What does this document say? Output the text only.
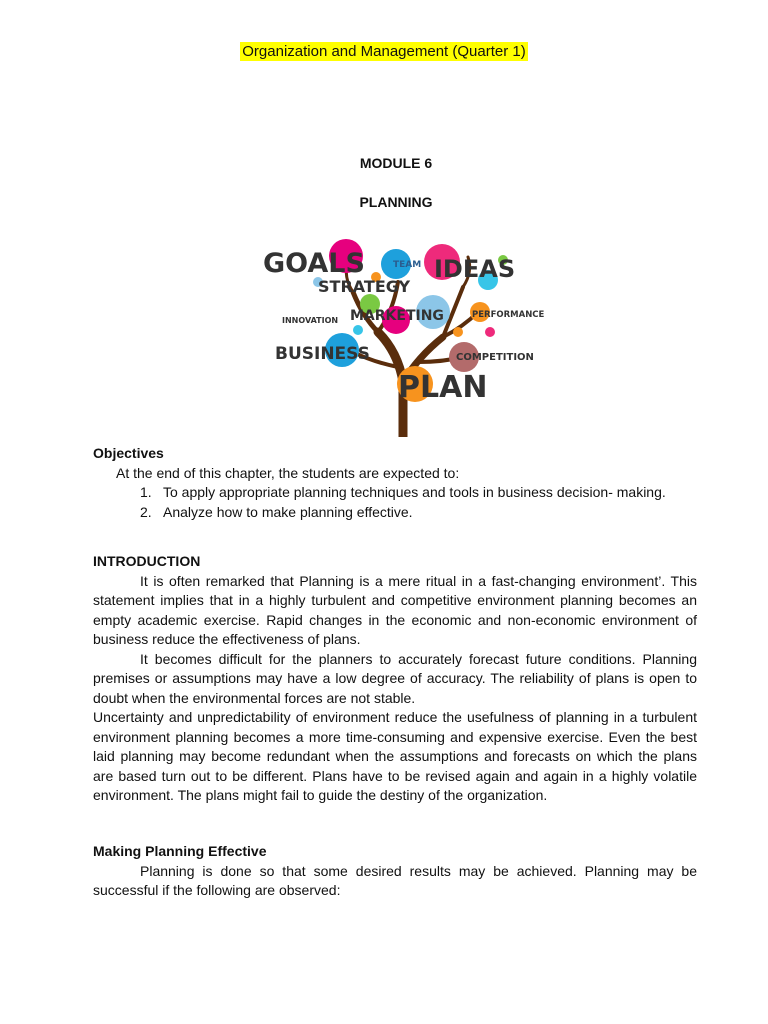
Organization and Management (Quarter 1)
MODULE 6
PLANNING
GOALS	TEAM IDEAS
STRATEGY
INNOVATION MARKETING	PERFORMANCE
BUSINESS	COMPETITION
PLAN
Objectives
At the end of this chapter, the students are expected to:
1. To apply appropriate planning techniques and tools in business decision- making.
2. Analyze how to make planning effective.
INTRODUCTION

It is often remarked that Planning is a mere ritual in a fast-changing environment’. This statement implies that in a highly turbulent and competitive environment planning becomes an empty academic exercise. Rapid changes in the economic and non-economic environment of business reduce the effectiveness of plans.

It becomes difficult for the planners to accurately forecast future conditions. Planning premises or assumptions may have a low degree of accuracy. The reliability of plans is open to doubt when the environmental forces are not stable.

Uncertainty and unpredictability of environment reduce the usefulness of planning in a turbulent environment planning becomes a more time-consuming and expensive exercise. Even the best laid planning may become redundant when the assumptions and forecasts on which the plans are based turn out to be different. Plans have to be revised again and again in a highly volatile environment. The plans might fail to guide the destiny of the organization.

Making Planning Effective

Planning is done so that some desired results may be achieved. Planning may be successful if the following are observed:
